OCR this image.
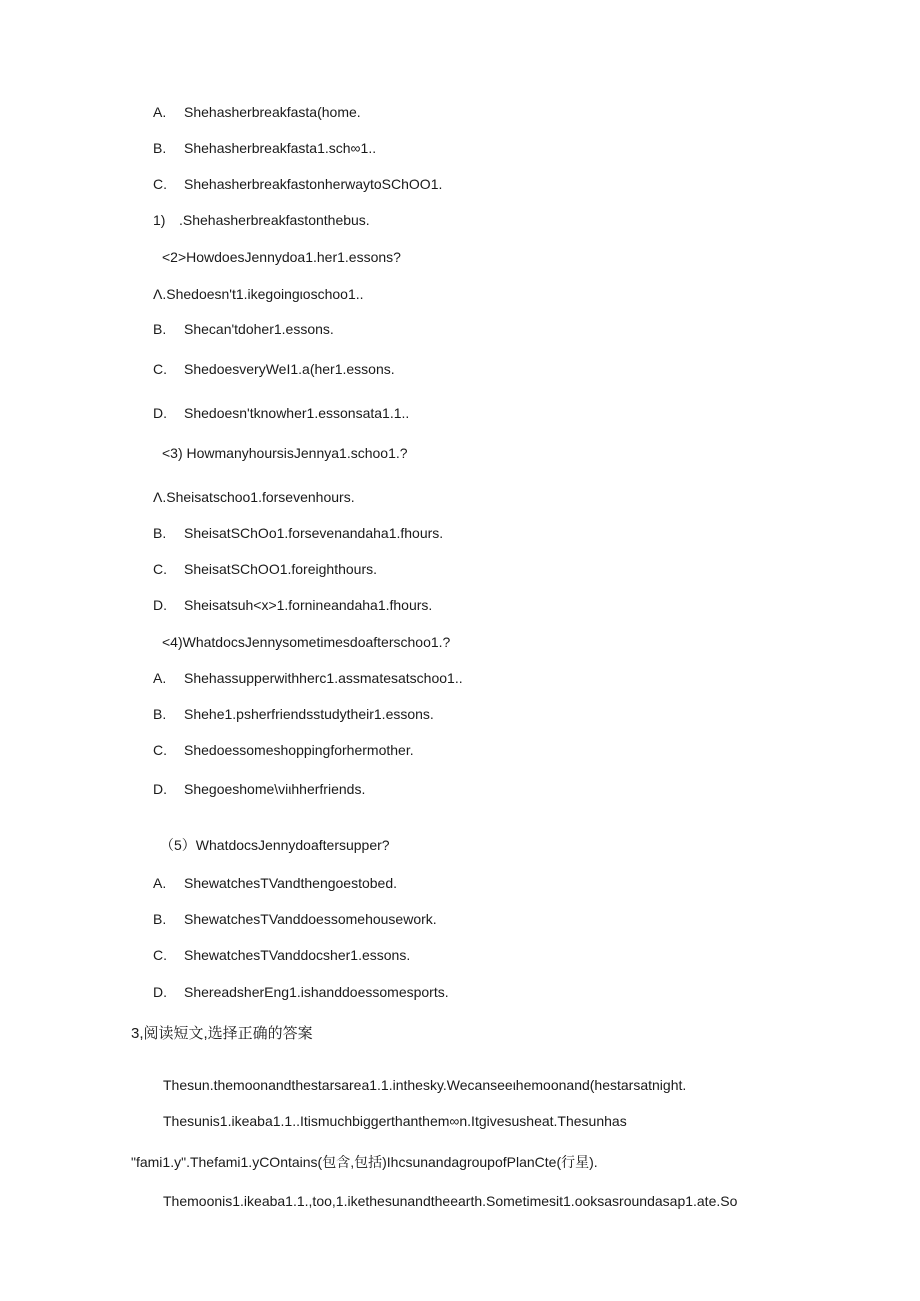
A. Shehasherbreakfasta(home.
B. Shehasherbreakfasta1.sch∞1..
C. ShehasherbreakfastonherwaytoSChOO1.
1) .Shehasherbreakfastonthebus.
<2>HowdoesJennydoa1.her1.essons?
Λ.Shedoesn't1.ikegoingιoschoo1..
B. Shecan'tdoher1.essons.
C. ShedoesveryWeI1.a(her1.essons.
D. Shedoesn'tknowher1.essonsata1.1..
<3) HowmanyhoursisJennya1.schoo1.?
Λ.Sheisatschoo1.forsevenhours.
B. SheisatSChOo1.forsevenandaha1.fhours.
C. SheisatSChOO1.foreighthours.
D. Sheisatsuh<x>1.fornineandaha1.fhours.
<4)WhatdocsJennysometimesdoafterschoo1.?
A. Shehassupperwithherc1.assmatesatschoo1..
B. Shehe1.psherfriendsstudytheir1.essons.
C. Shedoessomeshoppingforhermother.
D. Shegoeshome\viιhherfriends.
（5）WhatdocsJennydoaftersupper?
A. ShewatchesTVandthengoestobed.
B. ShewatchesTVanddoessomehousework.
C. ShewatchesTVanddocsher1.essons.
D. ShereadsherEng1.ishanddoessomesports.
3,阅读短文,选择正确的答案
Thesun.themoonandthestarsarea1.1.inthesky.Wecanseeιhemoonand(hestarsatnight.
Thesunis1.ikeaba1.1..Itismuchbiggerthanthem∞n.Itgivesusheat.Thesunhas
"fami1.y".Thefami1.yCOntains(包含,包括)IhcsunandagroupofPlanCte(行星).
Themoonis1.ikeaba1.1.,too,1.ikethesunandtheearth.Sometimesit1.ooksasroundasap1.ate.So
